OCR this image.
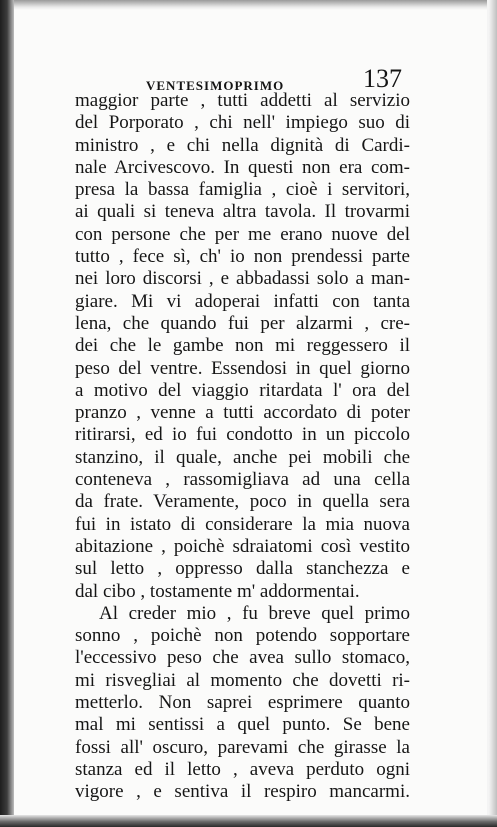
VENTESIMOPRIMO	137
maggior parte , tutti addetti al servizio
del Porporato , chi nell' impiego suo di
ministro , e chi nella dignità di Cardi-
nale Arcivescovo. In questi non era com-
presa la bassa famiglia , cioè i servitori,
ai quali si teneva altra tavola. Il trovarmi
con persone che per me erano nuove del
tutto , fece sì, ch' io non prendessi parte
nei loro discorsi , e abbadassi solo a man-
giare. Mi vi adoperai infatti con tanta
lena, che quando fui per alzarmi , cre-
dei che le gambe non mi reggessero il
peso del ventre. Essendosi in quel giorno
a motivo del viaggio ritardata l' ora del
pranzo , venne a tutti accordato di poter
ritirarsi, ed io fui condotto in un piccolo
stanzino, il quale, anche pei mobili che
conteneva , rassomigliava ad una cella
da frate. Veramente, poco in quella sera
fui in istato di considerare la mia nuova
abitazione , poichè sdraiatomi così vestito
sul letto , oppresso dalla stanchezza e
dal cibo , tostamente m' addormentai.
Al creder mio , fu breve quel primo
sonno , poichè non potendo sopportare
l'eccessivo peso che avea sullo stomaco,
mi risvegliai al momento che dovetti ri-
metterlo. Non saprei esprimere quanto
mal mi sentissi a quel punto. Se bene
fossi all' oscuro, parevami che girasse la
stanza ed il letto , aveva perduto ogni
vigore , e sentiva il respiro mancarmi.
